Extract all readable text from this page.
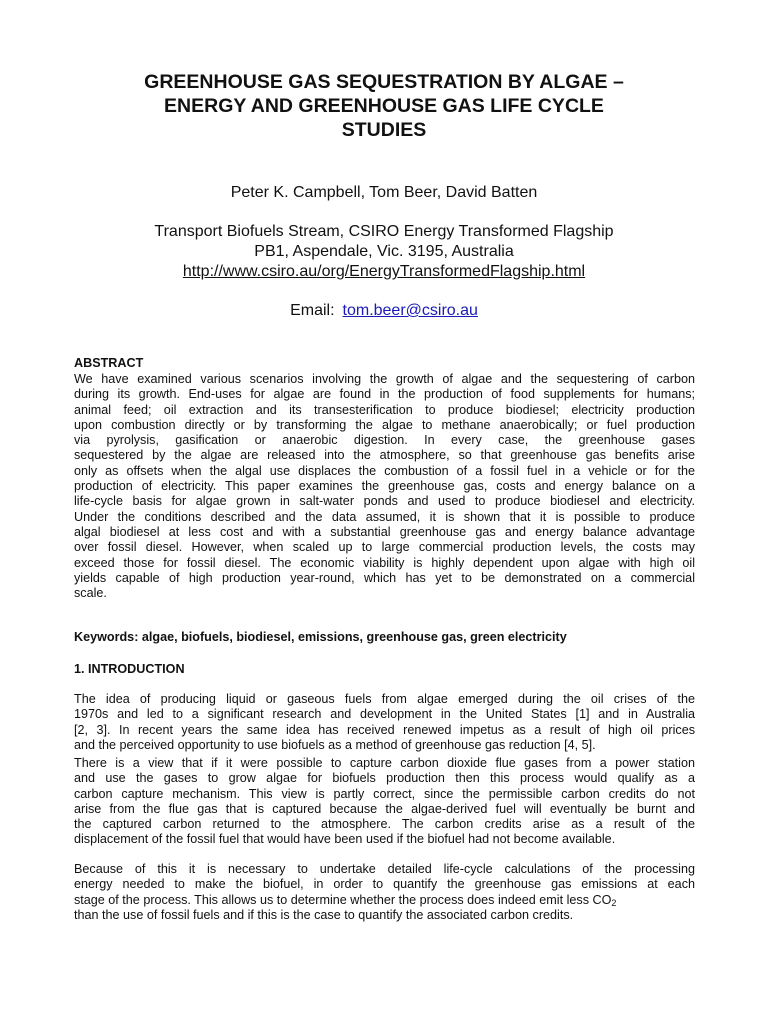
GREENHOUSE GAS SEQUESTRATION BY ALGAE –
ENERGY AND GREENHOUSE GAS LIFE CYCLE
STUDIES
Peter K. Campbell, Tom Beer, David Batten
Transport Biofuels Stream, CSIRO Energy Transformed Flagship
PB1, Aspendale, Vic. 3195, Australia
http://www.csiro.au/org/EnergyTransformedFlagship.html
Email: tom.beer@csiro.au
ABSTRACT
We have examined various scenarios involving the growth of algae and the sequestering of carbon
during its growth. End-uses for algae are found in the production of food supplements for humans;
animal feed; oil extraction and its transesterification to produce biodiesel; electricity production
upon combustion directly or by transforming the algae to methane anaerobically; or fuel production
via pyrolysis, gasification or anaerobic digestion. In every case, the greenhouse gases
sequestered by the algae are released into the atmosphere, so that greenhouse gas benefits arise
only as offsets when the algal use displaces the combustion of a fossil fuel in a vehicle or for the
production of electricity. This paper examines the greenhouse gas, costs and energy balance on a
life-cycle basis for algae grown in salt-water ponds and used to produce biodiesel and electricity.
Under the conditions described and the data assumed, it is shown that it is possible to produce
algal biodiesel at less cost and with a substantial greenhouse gas and energy balance advantage
over fossil diesel. However, when scaled up to large commercial production levels, the costs may
exceed those for fossil diesel. The economic viability is highly dependent upon algae with high oil
yields capable of high production year-round, which has yet to be demonstrated on a commercial
scale.
Keywords: algae, biofuels, biodiesel, emissions, greenhouse gas, green electricity
1. INTRODUCTION
The idea of producing liquid or gaseous fuels from algae emerged during the oil crises of the
1970s and led to a significant research and development in the United States [1] and in Australia
[2, 3]. In recent years the same idea has received renewed impetus as a result of high oil prices
and the perceived opportunity to use biofuels as a method of greenhouse gas reduction [4, 5].
There is a view that if it were possible to capture carbon dioxide flue gases from a power station
and use the gases to grow algae for biofuels production then this process would qualify as a
carbon capture mechanism. This view is partly correct, since the permissible carbon credits do not
arise from the flue gas that is captured because the algae-derived fuel will eventually be burnt and
the captured carbon returned to the atmosphere. The carbon credits arise as a result of the
displacement of the fossil fuel that would have been used if the biofuel had not become available.
Because of this it is necessary to undertake detailed life-cycle calculations of the processing
energy needed to make the biofuel, in order to quantify the greenhouse gas emissions at each
stage of the process. This allows us to determine whether the process does indeed emit less $CO_2$
than the use of fossil fuels and if this is the case to quantify the associated carbon credits.
